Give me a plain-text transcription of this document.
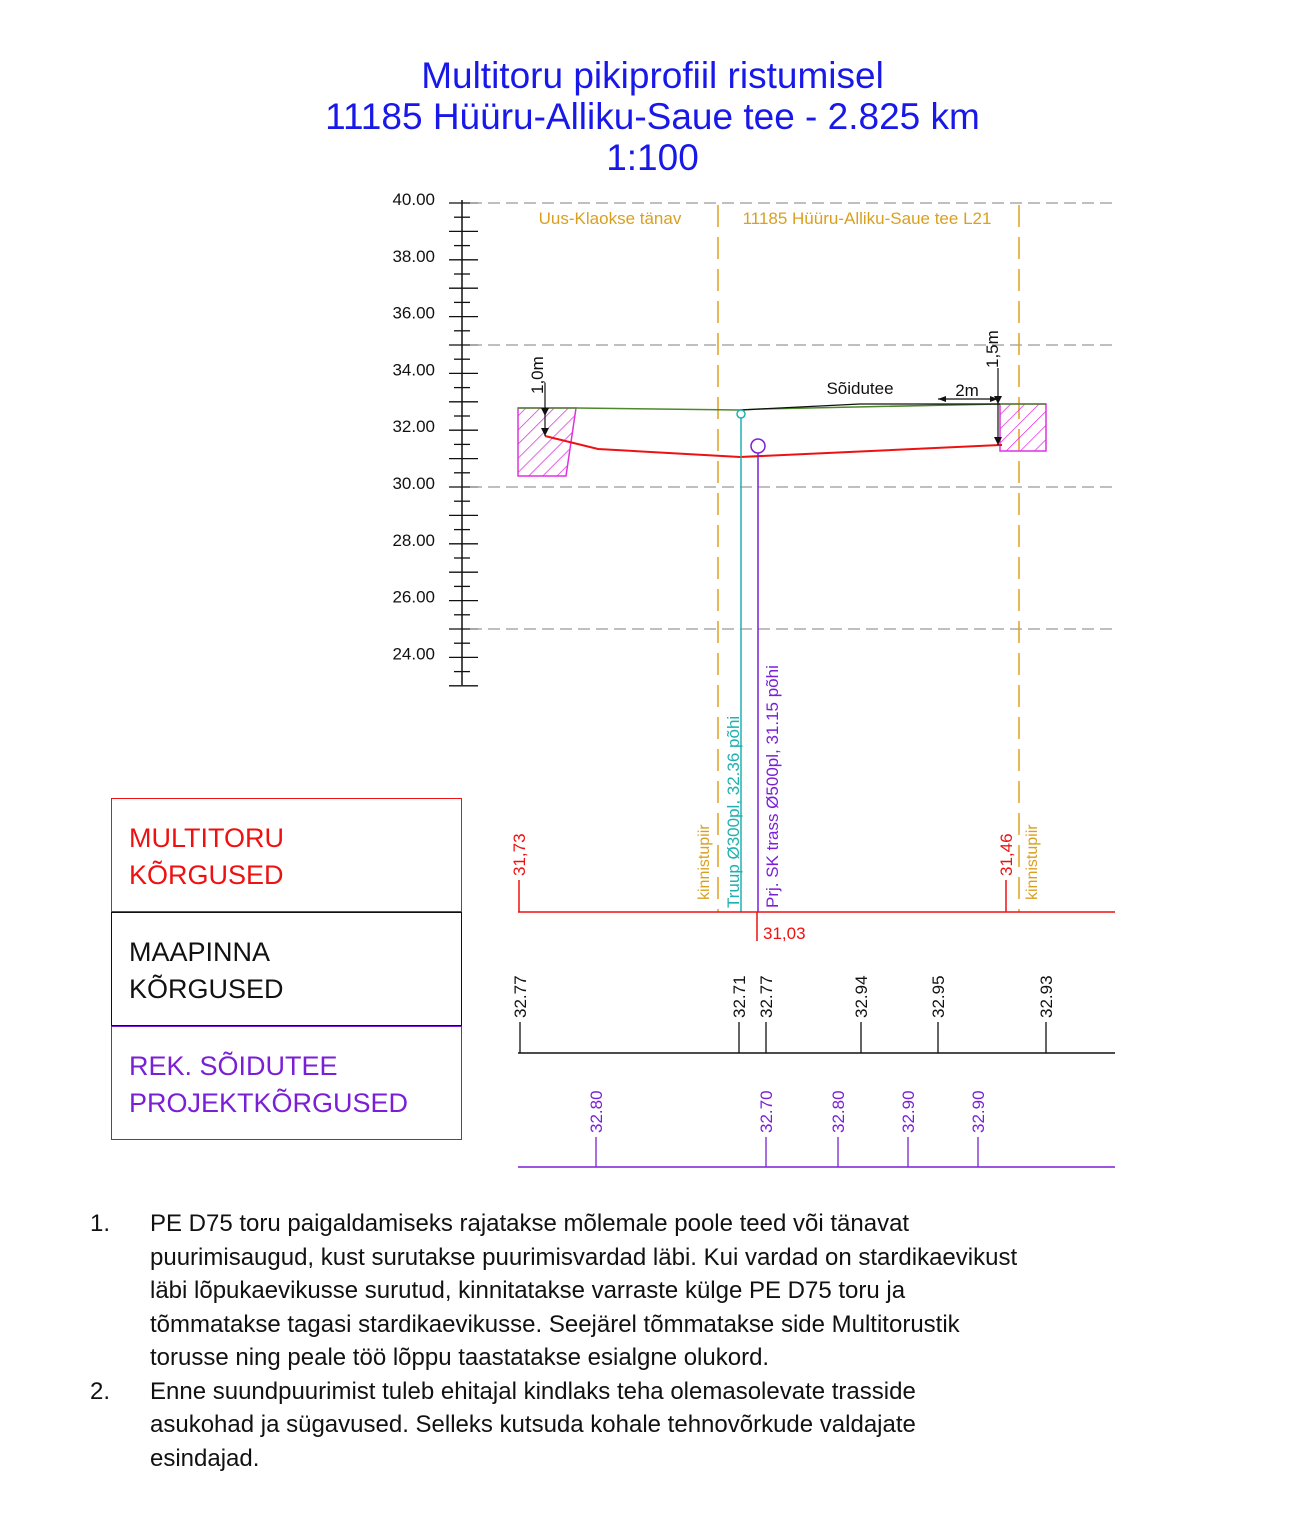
Multitoru pikiprofiil ristumisel
11185 Hüüru-Alliku-Saue tee - 2.825 km
1:100
40.00
38.00
36.00
34.00
32.00
30.00
28.00
26.00
24.00
Uus-Klaokse tänav	11185 Hüüru-Alliku-Saue tee L21
1,0m
1,5m
Sõidutee	2m
Truup Ø300pl, 32.36 põhi Prj. SK trass Ø500pl, 31.15 põhi
kinnistupiir	kinnistupiir
31,73	31,46
31,03
32.77	32.71 32.77	32.94	32.95	32.93
32.80	32.70	32.80	32.90	32.90
MULTITORU
KÕRGUSED
MAAPINNA
KÕRGUSED
REK. SÕIDUTEE
PROJEKTKÕRGUSED
1.	PE D75 toru paigaldamiseks rajatakse mõlemale poole teed või tänavat
puurimisaugud, kust surutakse puurimisvardad läbi. Kui vardad on stardikaevikust
läbi lõpukaevikusse surutud, kinnitatakse varraste külge PE D75 toru ja
tõmmatakse tagasi stardikaevikusse. Seejärel tõmmatakse side Multitorustik
torusse ning peale töö lõppu taastatakse esialgne olukord.
2.	Enne suundpuurimist tuleb ehitajal kindlaks teha olemasolevate trasside
asukohad ja sügavused. Selleks kutsuda kohale tehnovõrkude valdajate
esindajad.
